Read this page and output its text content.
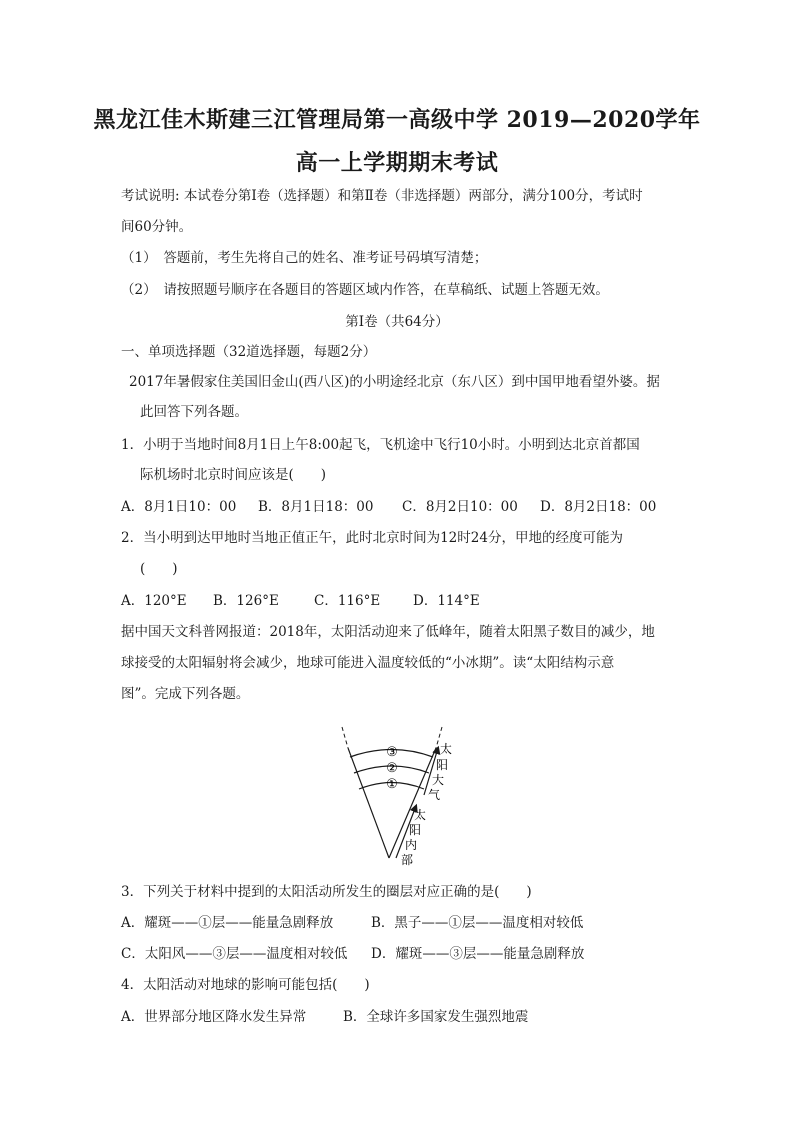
黑龙江佳木斯建三江管理局第一高级中学 2019—2020学年
高一上学期期末考试
考试说明: 本试卷分第Ⅰ卷（选择题）和第Ⅱ卷（非选择题）两部分，满分100分，考试时
间60分钟。
（1）　答题前，考生先将自己的姓名、准考证号码填写清楚；
（2）　请按照题号顺序在各题目的答题区域内作答，在草稿纸、试题上答题无效。
第Ⅰ卷（共64分）
一、单项选择题（32道选择题，每题2分）
2017年暑假家住美国旧金山(西八区)的小明途经北京（东八区）到中国甲地看望外婆。据
此回答下列各题。
1．小明于当地时间8月1日上午8:00起飞，飞机途中飞行10小时。小明到达北京首都国
际机场时北京时间应该是(　　)
A．8月1日10：00 B．8月1日18：00 C．8月2日10：00 D．8月2日18：00
2．当小明到达甲地时当地正值正午，此时北京时间为12时24分，甲地的经度可能为
(　　)
A．120°E B．126°E	C．116°E D．114°E
据中国天文科普网报道：2018年，太阳活动迎来了低峰年，随着太阳黑子数目的减少，地
球接受的太阳辐射将会减少，地球可能进入温度较低的“小冰期”。读“太阳结构示意
图”。完成下列各题。
③
②
①
太
阳
大
气
太
阳
内
部
3．下列关于材料中提到的太阳活动所发生的圈层对应正确的是(　　)
A．耀斑——①层——能量急剧释放	B．黑子——①层——温度相对较低
C．太阳风——③层——温度相对较低 D．耀斑——③层——能量急剧释放
4．太阳活动对地球的影响可能包括(　　)
A．世界部分地区降水发生异常	B．全球许多国家发生强烈地震
